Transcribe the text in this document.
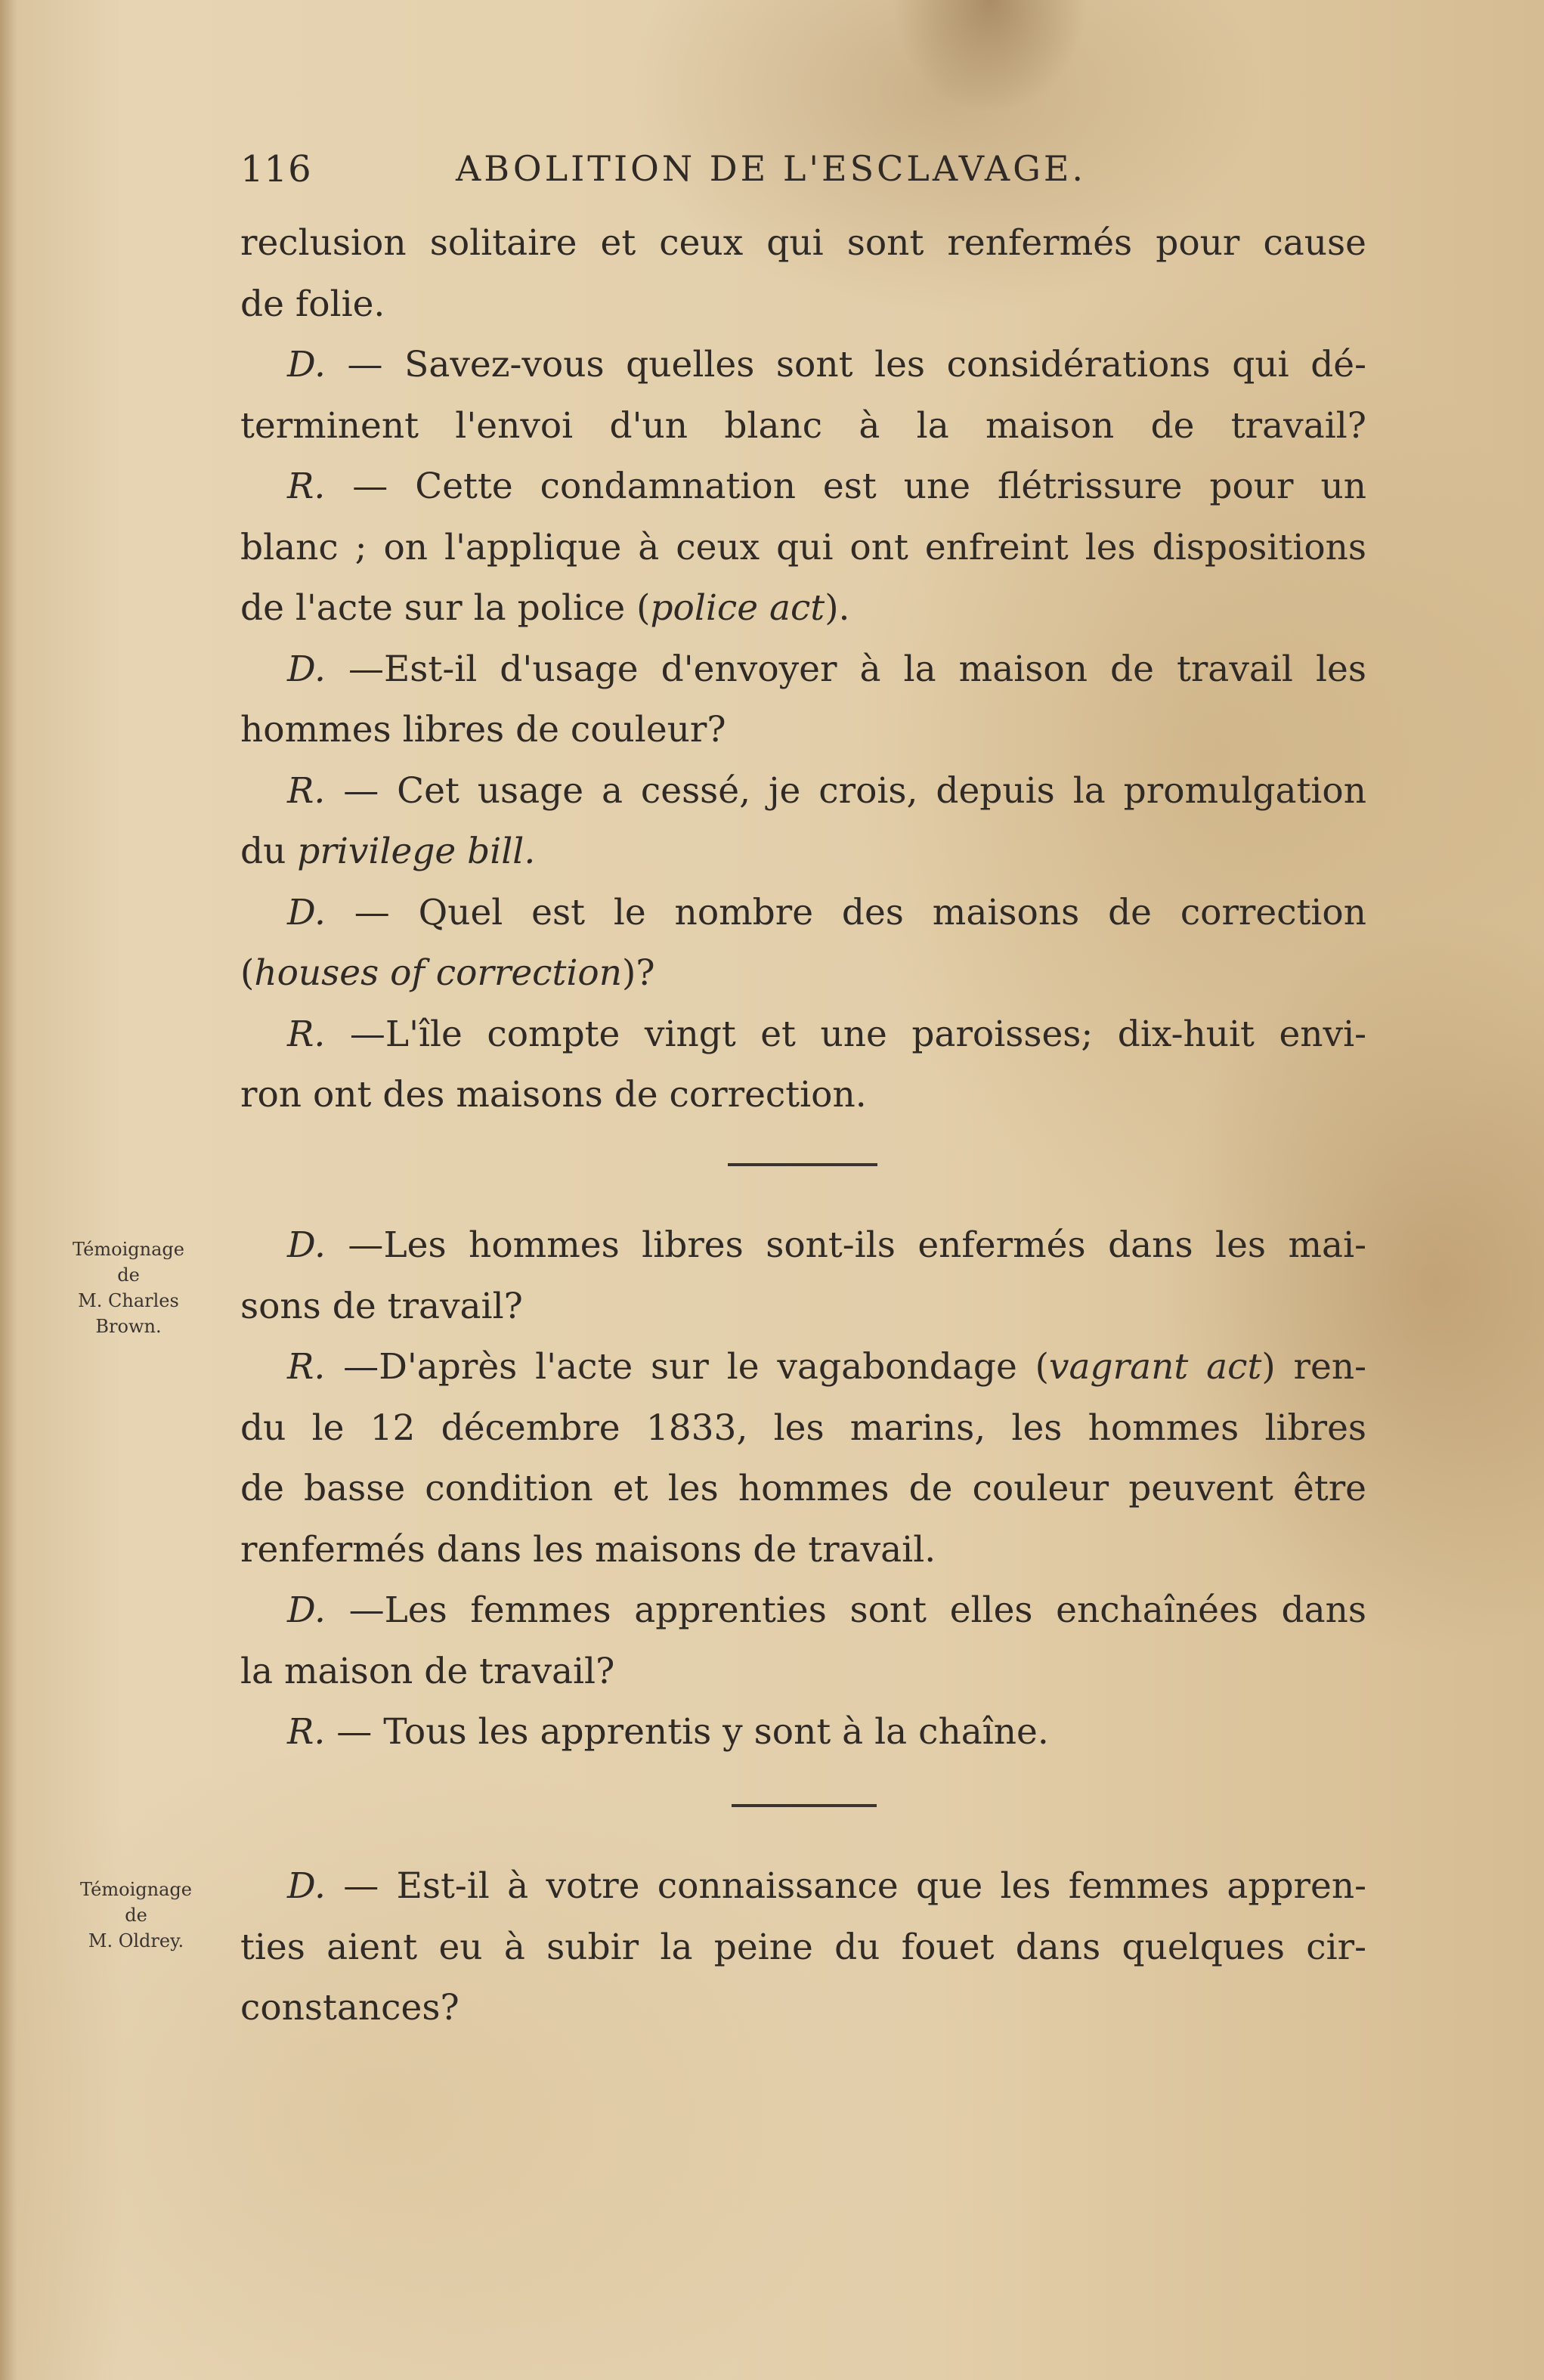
116	ABOLITION DE L'ESCLAVAGE.
reclusion solitaire et ceux qui sont renfermés pour cause
de folie.
D. — Savez-vous quelles sont les considérations qui dé-
terminent l'envoi d'un blanc à la maison de travail?
R. — Cette condamnation est une flétrissure pour un
blanc ; on l'applique à ceux qui ont enfreint les dispositions
de l'acte sur la police (police act).
D. —Est-il d'usage d'envoyer à la maison de travail les
hommes libres de couleur?
R. — Cet usage a cessé, je crois, depuis la promulgation
du privilege bill.
D. — Quel est le nombre des maisons de correction
(houses of correction)?
R. —L'île compte vingt et une paroisses; dix-huit envi-
ron ont des maisons de correction.
Témoignage
de
M. Charles
Brown.
D. —Les hommes libres sont-ils enfermés dans les mai-
sons de travail?
R. —D'après l'acte sur le vagabondage (vagrant act) ren-
du le 12 décembre 1833, les marins, les hommes libres
de basse condition et les hommes de couleur peuvent être
renfermés dans les maisons de travail.
D. —Les femmes apprenties sont elles enchaînées dans
la maison de travail?
R. — Tous les apprentis y sont à la chaîne.
Témoignage
de
M. Oldrey.
D. — Est-il à votre connaissance que les femmes appren-
ties aient eu à subir la peine du fouet dans quelques cir-
constances?
